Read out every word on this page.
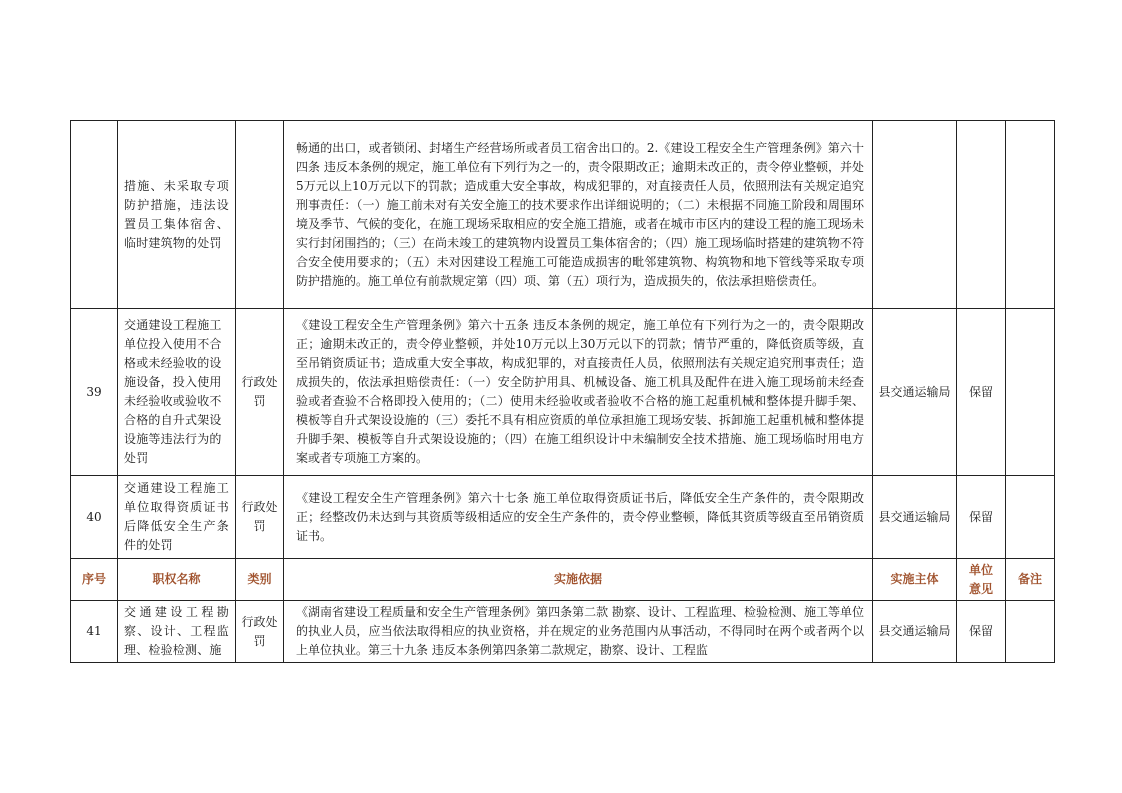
	措施、未采取专项防护措施，违法设置员工集体宿舍、临时建筑物的处罚		畅通的出口，或者锁闭、封堵生产经营场所或者员工宿舍出口的。2.《建设工程安全生产管理条例》第六十四条 违反本条例的规定，施工单位有下列行为之一的，责令限期改正；逾期未改正的，责令停业整顿，并处5万元以上10万元以下的罚款；造成重大安全事故，构成犯罪的，对直接责任人员，依照刑法有关规定追究刑事责任：（一）施工前未对有关安全施工的技术要求作出详细说明的；（二）未根据不同施工阶段和周围环境及季节、气候的变化，在施工现场采取相应的安全施工措施，或者在城市市区内的建设工程的施工现场未实行封闭围挡的；（三）在尚未竣工的建筑物内设置员工集体宿舍的；（四）施工现场临时搭建的建筑物不符合安全使用要求的；（五）未对因建设工程施工可能造成损害的毗邻建筑物、构筑物和地下管线等采取专项防护措施的。施工单位有前款规定第（四）项、第（五）项行为，造成损失的，依法承担赔偿责任。			
39	交通建设工程施工单位投入使用不合格或未经验收的设施设备，投入使用未经验收或验收不合格的自升式架设设施等违法行为的处罚	行政处罚	《建设工程安全生产管理条例》第六十五条 违反本条例的规定，施工单位有下列行为之一的，责令限期改正；逾期未改正的，责令停业整顿，并处10万元以上30万元以下的罚款；情节严重的，降低资质等级，直至吊销资质证书；造成重大安全事故，构成犯罪的，对直接责任人员，依照刑法有关规定追究刑事责任；造成损失的，依法承担赔偿责任：（一）安全防护用具、机械设备、施工机具及配件在进入施工现场前未经查验或者查验不合格即投入使用的；（二）使用未经验收或者验收不合格的施工起重机械和整体提升脚手架、模板等自升式架设设施的（三）委托不具有相应资质的单位承担施工现场安装、拆卸施工起重机械和整体提升脚手架、模板等自升式架设设施的；（四）在施工组织设计中未编制安全技术措施、施工现场临时用电方案或者专项施工方案的。	县交通运输局	保留	
40	交通建设工程施工单位取得资质证书后降低安全生产条件的处罚	行政处罚	《建设工程安全生产管理条例》第六十七条 施工单位取得资质证书后，降低安全生产条件的，责令限期改正；经整改仍未达到与其资质等级相适应的安全生产条件的，责令停业整顿，降低其资质等级直至吊销资质证书。	县交通运输局	保留	
序号	职权名称	类别	实施依据	实施主体	单位意见	备注
41	交通建设工程勘察、设计、工程监理、检验检测、施	行政处罚	《湖南省建设工程质量和安全生产管理条例》第四条第二款 勘察、设计、工程监理、检验检测、施工等单位的执业人员，应当依法取得相应的执业资格，并在规定的业务范围内从事活动，不得同时在两个或者两个以上单位执业。第三十九条 违反本条例第四条第二款规定，勘察、设计、工程监	县交通运输局	保留	
